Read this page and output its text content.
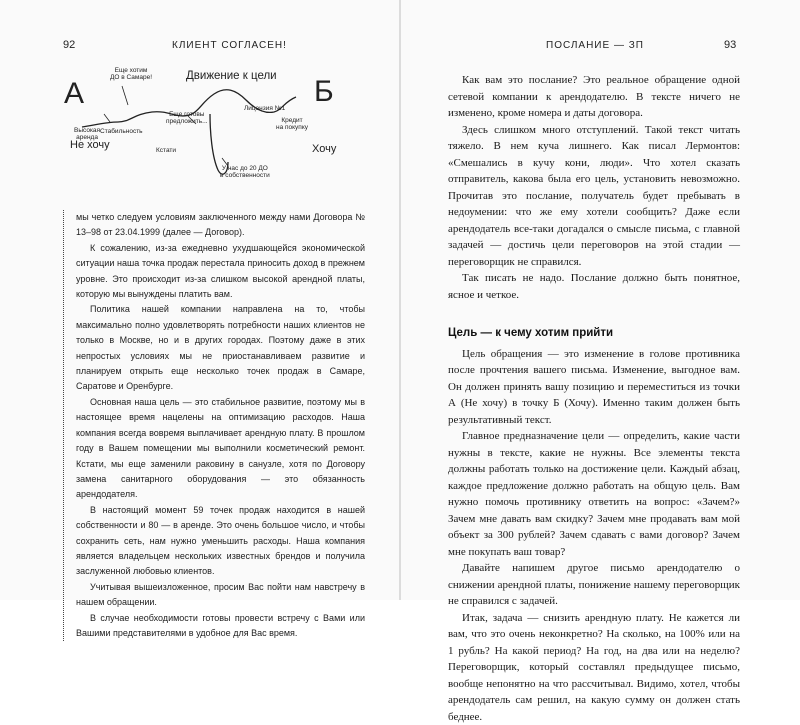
92	КЛИЕНТ СОГЛАСЕН!
А	Б
Движение к цели
Не хочу	Хочу
Еще хотим
ДО в Самаре!
Высокая
аренда
Стабильность
Еще готовы
предложить...
Кстати
У нас до 20 ДО
в собственности
Лицензия №1
Кредит
на покупку

мы четко следуем условиям заключенного между нами Договора № 13–98 от 23.04.1999 (далее — Договор).

К сожалению, из-за ежедневно ухудшающейся экономической ситуации наша точка продаж перестала приносить доход в прежнем уровне. Это происходит из-за слишком высокой арендной платы, которую мы вынуждены платить вам.

Политика нашей компании направлена на то, чтобы максимально полно удовлетворять потребности наших клиентов не только в Москве, но и в других городах. Поэтому даже в этих непростых условиях мы не приостанавливаем развитие и планируем открыть еще несколько точек продаж в Самаре, Саратове и Оренбурге.

Основная наша цель — это стабильное развитие, поэтому мы в настоящее время нацелены на оптимизацию расходов. Наша компания всегда вовремя выплачивает арендную плату. В прошлом году в Вашем помещении мы выполнили косметический ремонт. Кстати, мы еще заменили раковину в санузле, хотя по Договору замена санитарного оборудования — это обязанность арендодателя.

В настоящий момент 59 точек продаж находится в нашей собственности и 80 — в аренде. Это очень большое число, и чтобы сохранить сеть, нам нужно уменьшить расходы. Наша компания является владельцем нескольких известных брендов и получила заслуженной любовью клиентов.

Учитывая вышеизложенное, просим Вас пойти нам навстречу в нашем обращении.

В случае необходимости готовы провести встречу с Вами или Вашими представителями в удобное для Вас время.

ПОСЛАНИЕ — ЗП	93

Как вам это послание? Это реальное обращение одной сетевой компании к арендодателю. В тексте ничего не изменено, кроме номера и даты договора.

Здесь слишком много отступлений. Такой текст читать тяжело. В нем куча лишнего. Как писал Лермонтов: «Смешались в кучу кони, люди». Что хотел сказать отправитель, какова была его цель, установить невозможно. Прочитав это послание, получатель будет пребывать в недоумении: что же ему хотели сообщить? Даже если арендодатель все-таки догадался о смысле письма, с главной задачей — достичь цели переговоров на этой стадии — переговорщик не справился.

Так писать не надо. Послание должно быть понятное, ясное и четкое.

Цель — к чему хотим прийти

Цель обращения — это изменение в голове противника после прочтения вашего письма. Изменение, выгодное вам. Он должен принять вашу позицию и переместиться из точки А (Не хочу) в точку Б (Хочу). Именно таким должен быть результативный текст.

Главное предназначение цели — определить, какие части нужны в тексте, какие не нужны. Все элементы текста должны работать только на достижение цели. Каждый абзац, каждое предложение должно работать на общую цель. Вам нужно помочь противнику ответить на вопрос: «Зачем?» Зачем мне давать вам скидку? Зачем мне продавать вам мой объект за 300 рублей? Зачем сдавать с вами договор? Зачем мне покупать ваш товар?

Давайте напишем другое письмо арендодателю о снижении арендной платы, понижение нашему переговорщик не справился с задачей.

Итак, задача — снизить арендную плату. Не кажется ли вам, что это очень неконкретно? На сколько, на 100% или на 1 рубль? На какой период? На год, на два или на неделю? Переговорщик, который составлял предыдущее письмо, вообще непонятно на что рассчитывал. Видимо, хотел, чтобы арендодатель сам решил, на какую сумму он должен стать беднее.
